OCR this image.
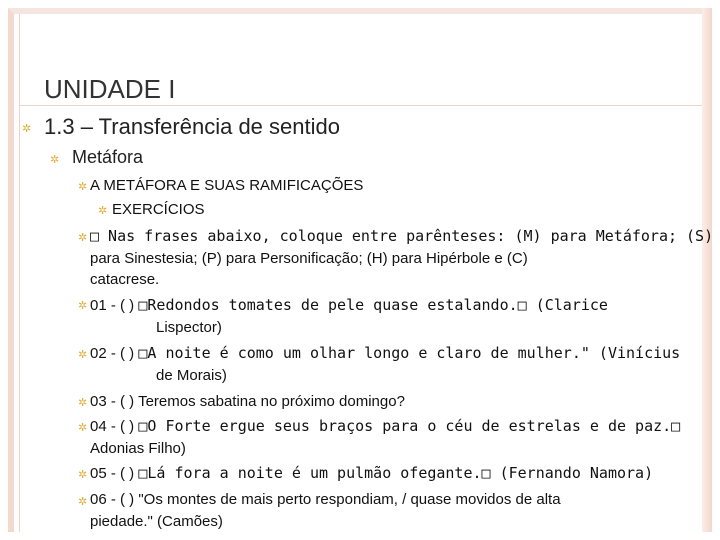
UNIDADE I
✲ 1.3 – Transferência de sentido
✲ Metáfora
✲ A METÁFORA E SUAS RAMIFICAÇÕES
✲ EXERCÍCIOS
✲ □ Nas frases abaixo, coloque entre parênteses: (M) para Metáfora; (S)
para Sinestesia; (P) para Personificação; (H) para Hipérbole e (C)
catacrese.
✲ 01 - ( ) □Redondos tomates de pele quase estalando.□ (Clarice
Lispector)
✲ 02 - ( ) □A noite é como um olhar longo e claro de mulher." (Vinícius
de Morais)
✲ 03 - ( ) Teremos sabatina no próximo domingo?
✲ 04 - ( ) □O Forte ergue seus braços para o céu de estrelas e de paz.□
Adonias Filho)
✲ 05 - ( ) □Lá fora a noite é um pulmão ofegante.□ (Fernando Namora)
✲ 06 - ( ) "Os montes de mais perto respondiam, / quase movidos de alta
piedade." (Camões)
